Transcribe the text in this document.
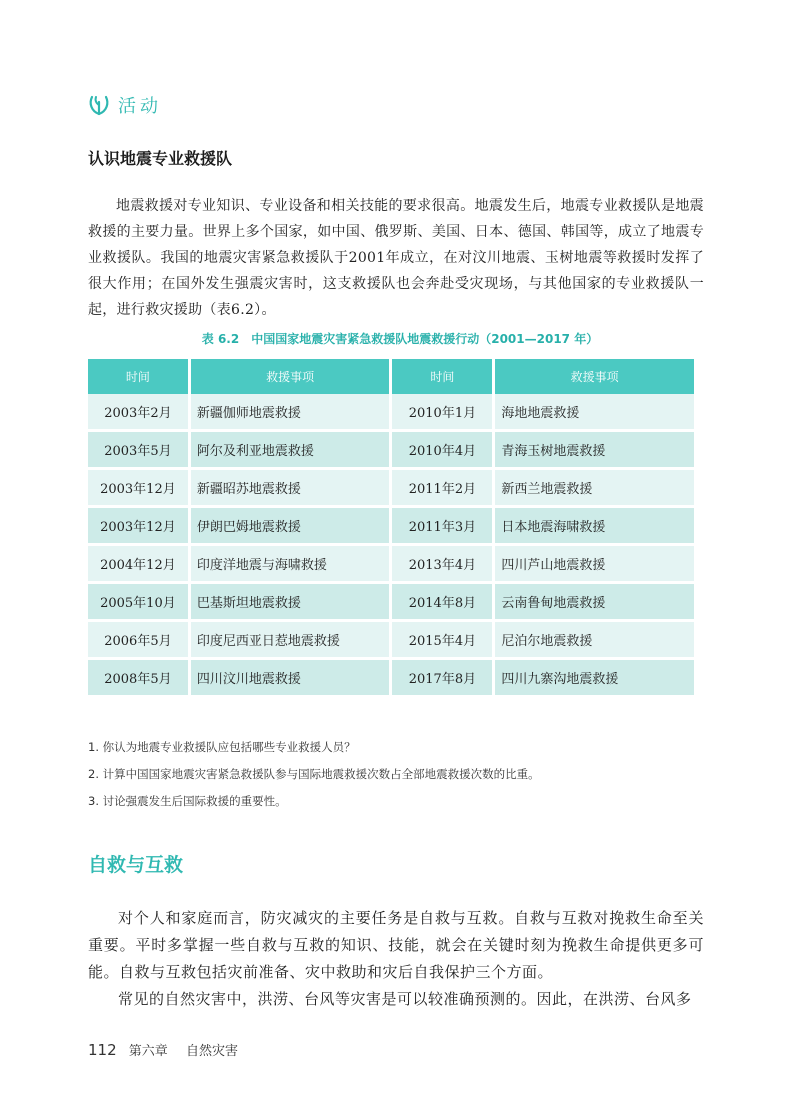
活动
认识地震专业救援队

地震救援对专业知识、专业设备和相关技能的要求很高。地震发生后，地震专业救援队是地震救援的主要力量。世界上多个国家，如中国、俄罗斯、美国、日本、德国、韩国等，成立了地震专业救援队。我国的地震灾害紧急救援队于2001年成立，在对汶川地震、玉树地震等救援时发挥了很大作用；在国外发生强震灾害时，这支救援队也会奔赴受灾现场，与其他国家的专业救援队一起，进行救灾援助（表6.2）。

表 6.2　中国国家地震灾害紧急救援队地震救援行动（2001—2017 年）
时间	救援事项	时间	救援事项
2003年2月	新疆伽师地震救援	2010年1月	海地地震救援
2003年5月	阿尔及利亚地震救援	2010年4月	青海玉树地震救援
2003年12月	新疆昭苏地震救援	2011年2月	新西兰地震救援
2003年12月	伊朗巴姆地震救援	2011年3月	日本地震海啸救援
2004年12月	印度洋地震与海啸救援	2013年4月	四川芦山地震救援
2005年10月	巴基斯坦地震救援	2014年8月	云南鲁甸地震救援
2006年5月	印度尼西亚日惹地震救援	2015年4月	尼泊尔地震救援
2008年5月	四川汶川地震救援	2017年8月	四川九寨沟地震救援
1. 你认为地震专业救援队应包括哪些专业救援人员？
2. 计算中国国家地震灾害紧急救援队参与国际地震救援次数占全部地震救援次数的比重。
3. 讨论强震发生后国际救援的重要性。
自救与互救

对个人和家庭而言，防灾减灾的主要任务是自救与互救。自救与互救对挽救生命至关重要。平时多掌握一些自救与互救的知识、技能，就会在关键时刻为挽救生命提供更多可能。自救与互救包括灾前准备、灾中救助和灾后自我保护三个方面。

常见的自然灾害中，洪涝、台风等灾害是可以较准确预测的。因此，在洪涝、台风多

112 第六章 自然灾害
